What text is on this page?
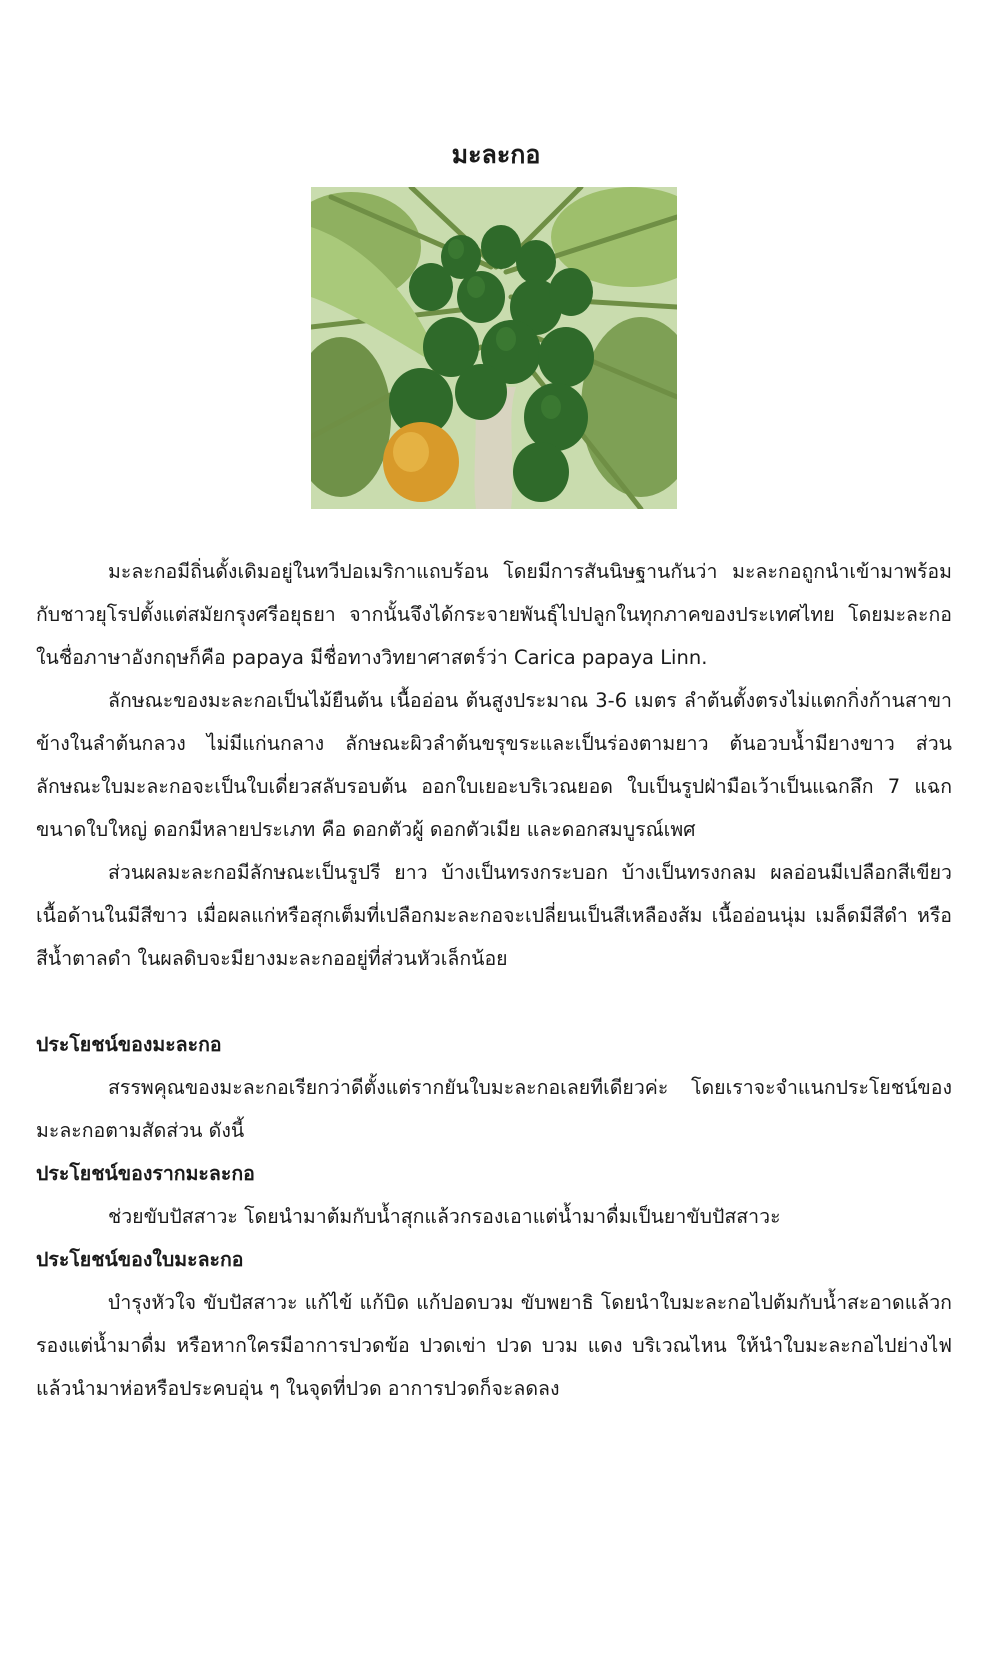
มะละกอ

มะละกอมีถิ่นดั้งเดิมอยู่ในทวีปอเมริกาแถบร้อน โดยมีการสันนิษฐานกันว่า มะละกอถูกนำเข้ามาพร้อมกับชาวยุโรปตั้งแต่สมัยกรุงศรีอยุธยา จากนั้นจึงได้กระจายพันธุ์ไปปลูกในทุกภาคของประเทศไทย โดยมะละกอในชื่อภาษาอังกฤษก็คือ papaya มีชื่อทางวิทยาศาสตร์ว่า Carica papaya Linn.

ลักษณะของมะละกอเป็นไม้ยืนต้น เนื้ออ่อน ต้นสูงประมาณ 3-6 เมตร ลำต้นตั้งตรงไม่แตกกิ่งก้านสาขา ข้างในลำต้นกลวง ไม่มีแก่นกลาง ลักษณะผิวลำต้นขรุขระและเป็นร่องตามยาว ต้นอวบน้ำมียางขาว ส่วนลักษณะใบมะละกอจะเป็นใบเดี่ยวสลับรอบต้น ออกใบเยอะบริเวณยอด ใบเป็นรูปฝ่ามือเว้าเป็นแฉกลึก 7 แฉก ขนาดใบใหญ่ ดอกมีหลายประเภท คือ ดอกตัวผู้ ดอกตัวเมีย และดอกสมบูรณ์เพศ

ส่วนผลมะละกอมีลักษณะเป็นรูปรี ยาว บ้างเป็นทรงกระบอก บ้างเป็นทรงกลม ผลอ่อนมีเปลือกสีเขียว เนื้อด้านในมีสีขาว เมื่อผลแก่หรือสุกเต็มที่เปลือกมะละกอจะเปลี่ยนเป็นสีเหลืองส้ม เนื้ออ่อนนุ่ม เมล็ดมีสีดำ หรือสีน้ำตาลดำ ในผลดิบจะมียางมะละกออยู่ที่ส่วนหัวเล็กน้อย

ประโยชน์ของมะละกอ

สรรพคุณของมะละกอเรียกว่าดีตั้งแต่รากยันใบมะละกอเลยทีเดียวค่ะ โดยเราจะจำแนกประโยชน์ของมะละกอตามสัดส่วน ดังนี้

ประโยชน์ของรากมะละกอ

ช่วยขับปัสสาวะ โดยนำมาต้มกับน้ำสุกแล้วกรองเอาแต่น้ำมาดื่มเป็นยาขับปัสสาวะ

ประโยชน์ของใบมะละกอ

บำรุงหัวใจ ขับปัสสาวะ แก้ไข้ แก้บิด แก้ปอดบวม ขับพยาธิ โดยนำใบมะละกอไปต้มกับน้ำสะอาดแล้วกรองแต่น้ำมาดื่ม หรือหากใครมีอาการปวดข้อ ปวดเข่า ปวด บวม แดง บริเวณไหน ให้นำใบมะละกอไปย่างไฟ แล้วนำมาห่อหรือประคบอุ่น ๆ ในจุดที่ปวด อาการปวดก็จะลดลง
